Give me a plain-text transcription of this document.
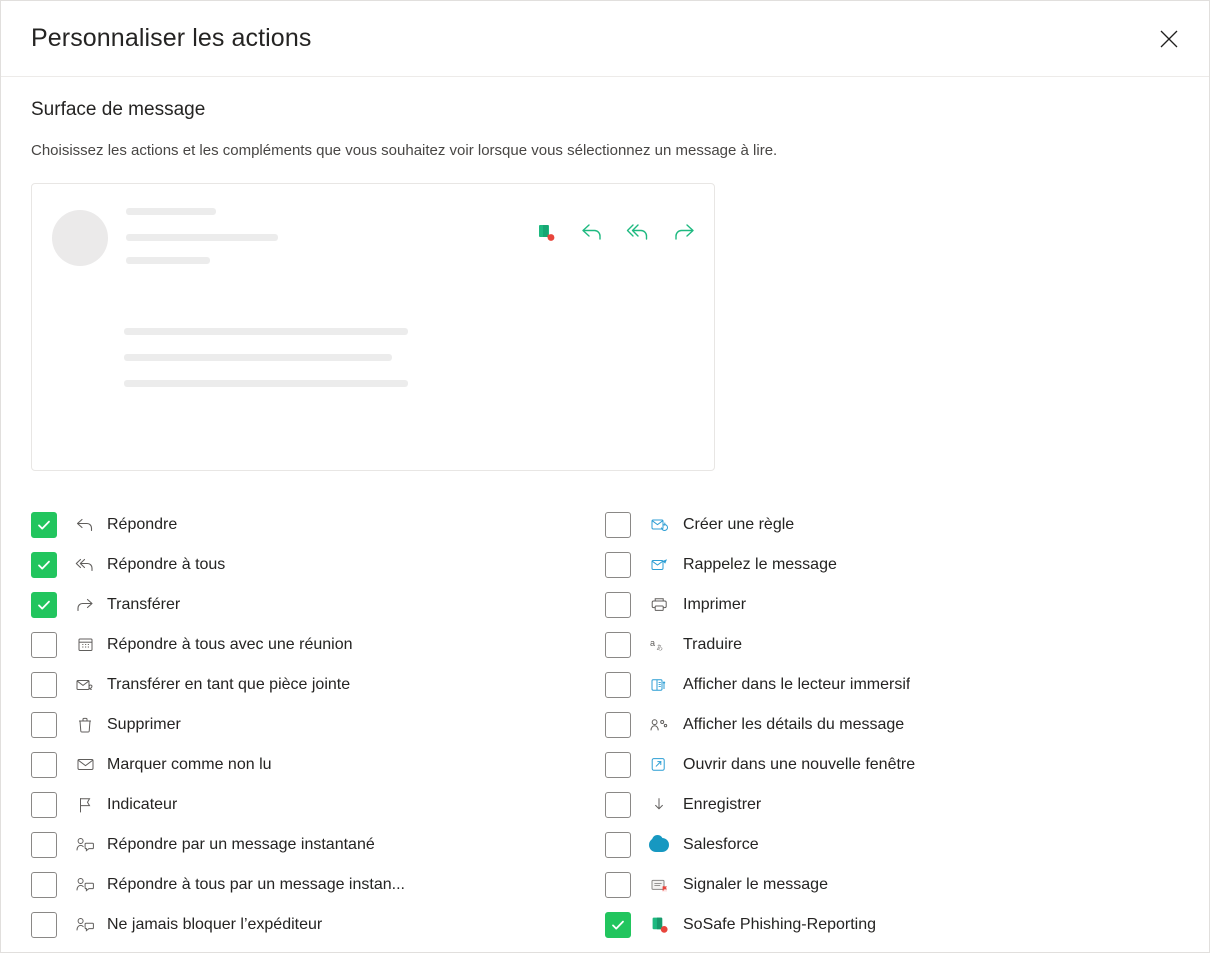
Personnaliser les actions
Surface de message
Choisissez les actions et les compléments que vous souhaitez voir lorsque vous sélectionnez un message à lire.
Répondre
Répondre à tous
Transférer
Répondre à tous avec une réunion
Transférer en tant que pièce jointe
Supprimer
Marquer comme non lu
Indicateur
Répondre par un message instantané
Répondre à tous par un message instan...
Ne jamais bloquer l’expéditeur
Créer une règle
Rappelez le message
Imprimer
a
あ Traduire
Afficher dans le lecteur immersif
Afficher les détails du message
Ouvrir dans une nouvelle fenêtre
Enregistrer
Salesforce
Signaler le message
SoSafe Phishing-Reporting
